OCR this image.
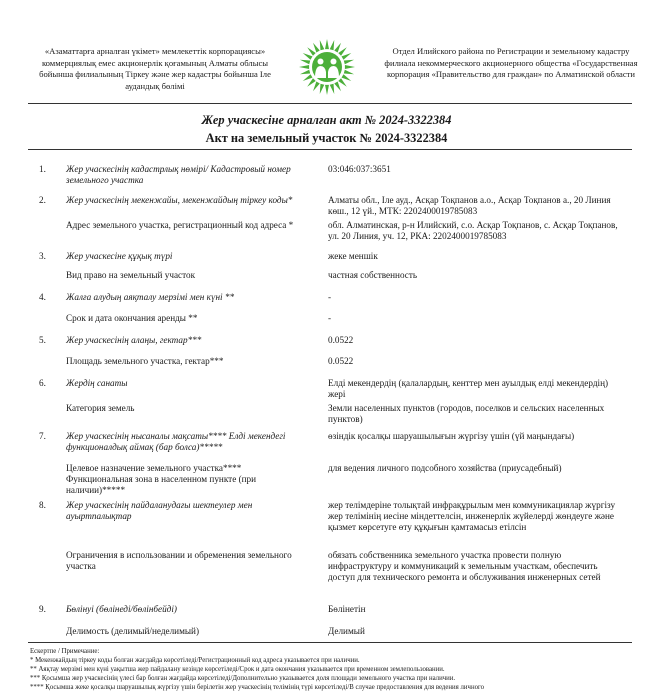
«Азаматтарға арналған үкімет» мемлекеттік корпорациясы» коммерциялық емес акционерлік қоғамының Алматы облысы бойынша филиалының Тіркеу және жер кадастры бойынша Іле аудандық бөлімі
Отдел Илийского района по Регистрации и земельному кадастру филиала некоммерческого акционерного общества «Государственная корпорация «Правительство для граждан» по Алматинской области
Жер учаскесіне арналған акт № 2024-3322384
Акт на земельный участок № 2024-3322384
1. Жер учаскесінің кадастрлық нөмірі/ Кадастровый номер земельного участка
03:046:037:3651
2. Жер учаскесінің мекенжайы, мекенжайдың тіркеу коды*	Алматы обл., Іле ауд., Асқар Тоқпанов а.о., Асқар Тоқпанов а., 20 Линия көш., 12 үй., МТК: 2202400019785083
Адрес земельного участка, регистрационный код адреса *	обл. Алматинская, р-н Илийский, с.о. Асқар Тоқпанов, с. Асқар Тоқпанов, ул. 20 Линия, уч. 12, РКА: 2202400019785083
3. Жер учаскесіне құқық түрі	жеке меншік
Вид право на земельный участок	частная собственность
4. Жалға алудың аяқталу мерзімі мен күні **	-
Срок и дата окончания аренды **	-
5. Жер учаскесінің алаңы, гектар***	0.0522
Площадь земельного участка, гектар***	0.0522
6. Жердің санаты	Елді мекендердің (қалалардың, кенттер мен ауылдық елді мекендердің) жері
Категория земель	Земли населенных пунктов (городов, поселков и сельских населенных пунктов)
7. Жер учаскесінің нысаналы мақсаты**** Елді мекендегі функционалдық аймақ (бар болса)*****
өзіндік қосалқы шаруашылығын жүргізу үшін (үй маңындағы)
Целевое назначение земельного участка**** Функциональная зона в населенном пункте (при наличии)*****
для ведения личного подсобного хозяйства (приусадебный)
8. Жер учаскесінің пайдаланудағы шектеулер мен ауыртпалықтар
жер телімдеріне толықтай инфрақұрылым мен коммуникациялар жүргізу жер телімінің иесіне міндеттелсін, инженерлік жүйелерді жөндеуге және қызмет көрсетуге өту құқығын қамтамасыз етілсін
Ограничения в использовании и обременения земельного участка
обязать собственника земельного участка провести полную инфраструктуру и коммуникаций к земельным участкам, обеспечить доступ для технического ремонта и обслуживания инженерных сетей
9. Бөлінуі (бөлінеді/бөлінбейді)	Бөлінетін
Делимость (делимый/неделимый)	Делимый
Ескертпе / Примечание:
* Мекенжайдың тіркеу коды болған жағдайда көрсетіледі/Регистрационный код адреса указывается при наличии.
** Аяқтау мерзімі мен күні уақытша жер пайдалану кезінде көрсетіледі/Срок и дата окончания указывается при временном землепользовании.
*** Қосымша жер учаскесінің үлесі бар болған жағдайда көрсетіледі/Дополнительно указывается доля площади земельного участка при наличии.
**** Қосымша жеке қосалқы шаруашылық жүргізу үшін берілетін жер учаскесінің телімінің түрі көрсетіледі/В случае предоставления для ведения личного
